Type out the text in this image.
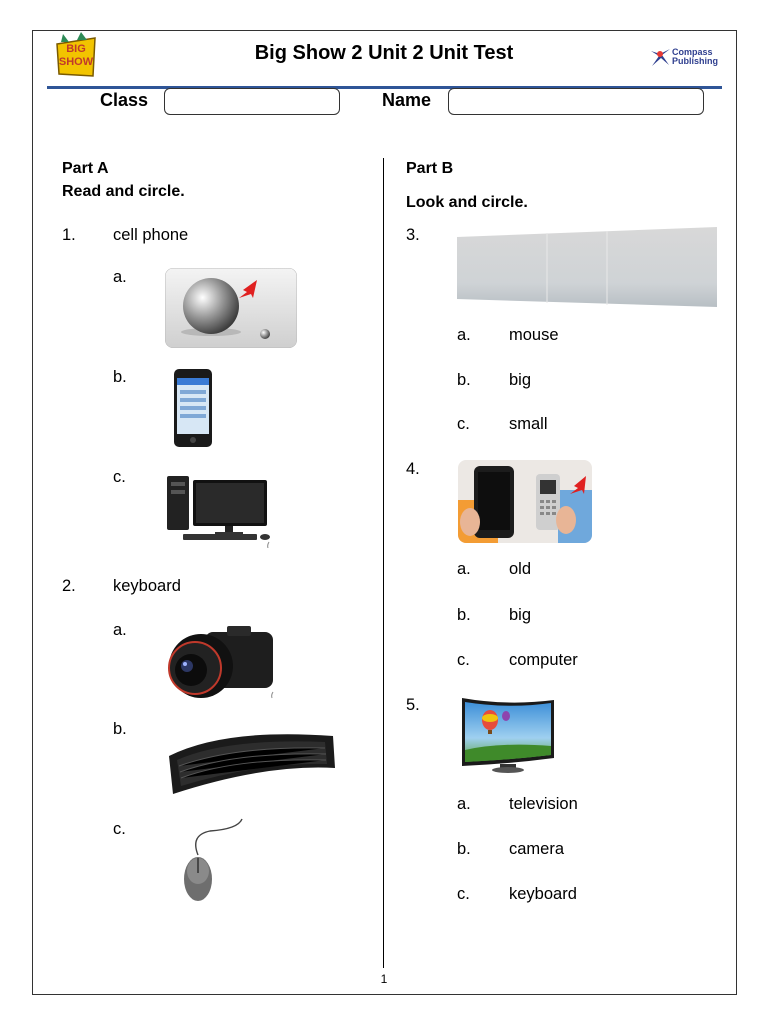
BIG
SHOW	Big Show 2 Unit 2 Unit Test	Compass
Publishing
Class	Name
Part A
Read and circle.
1. cell phone
a.
b.
c.
2. keyboard
a.
b.
c.
Part B
Look and circle.
3.
a. mouse
b. big
c. small
4.
a. old
b. big
c. computer
5.
a. television
b. camera
c. keyboard
1
